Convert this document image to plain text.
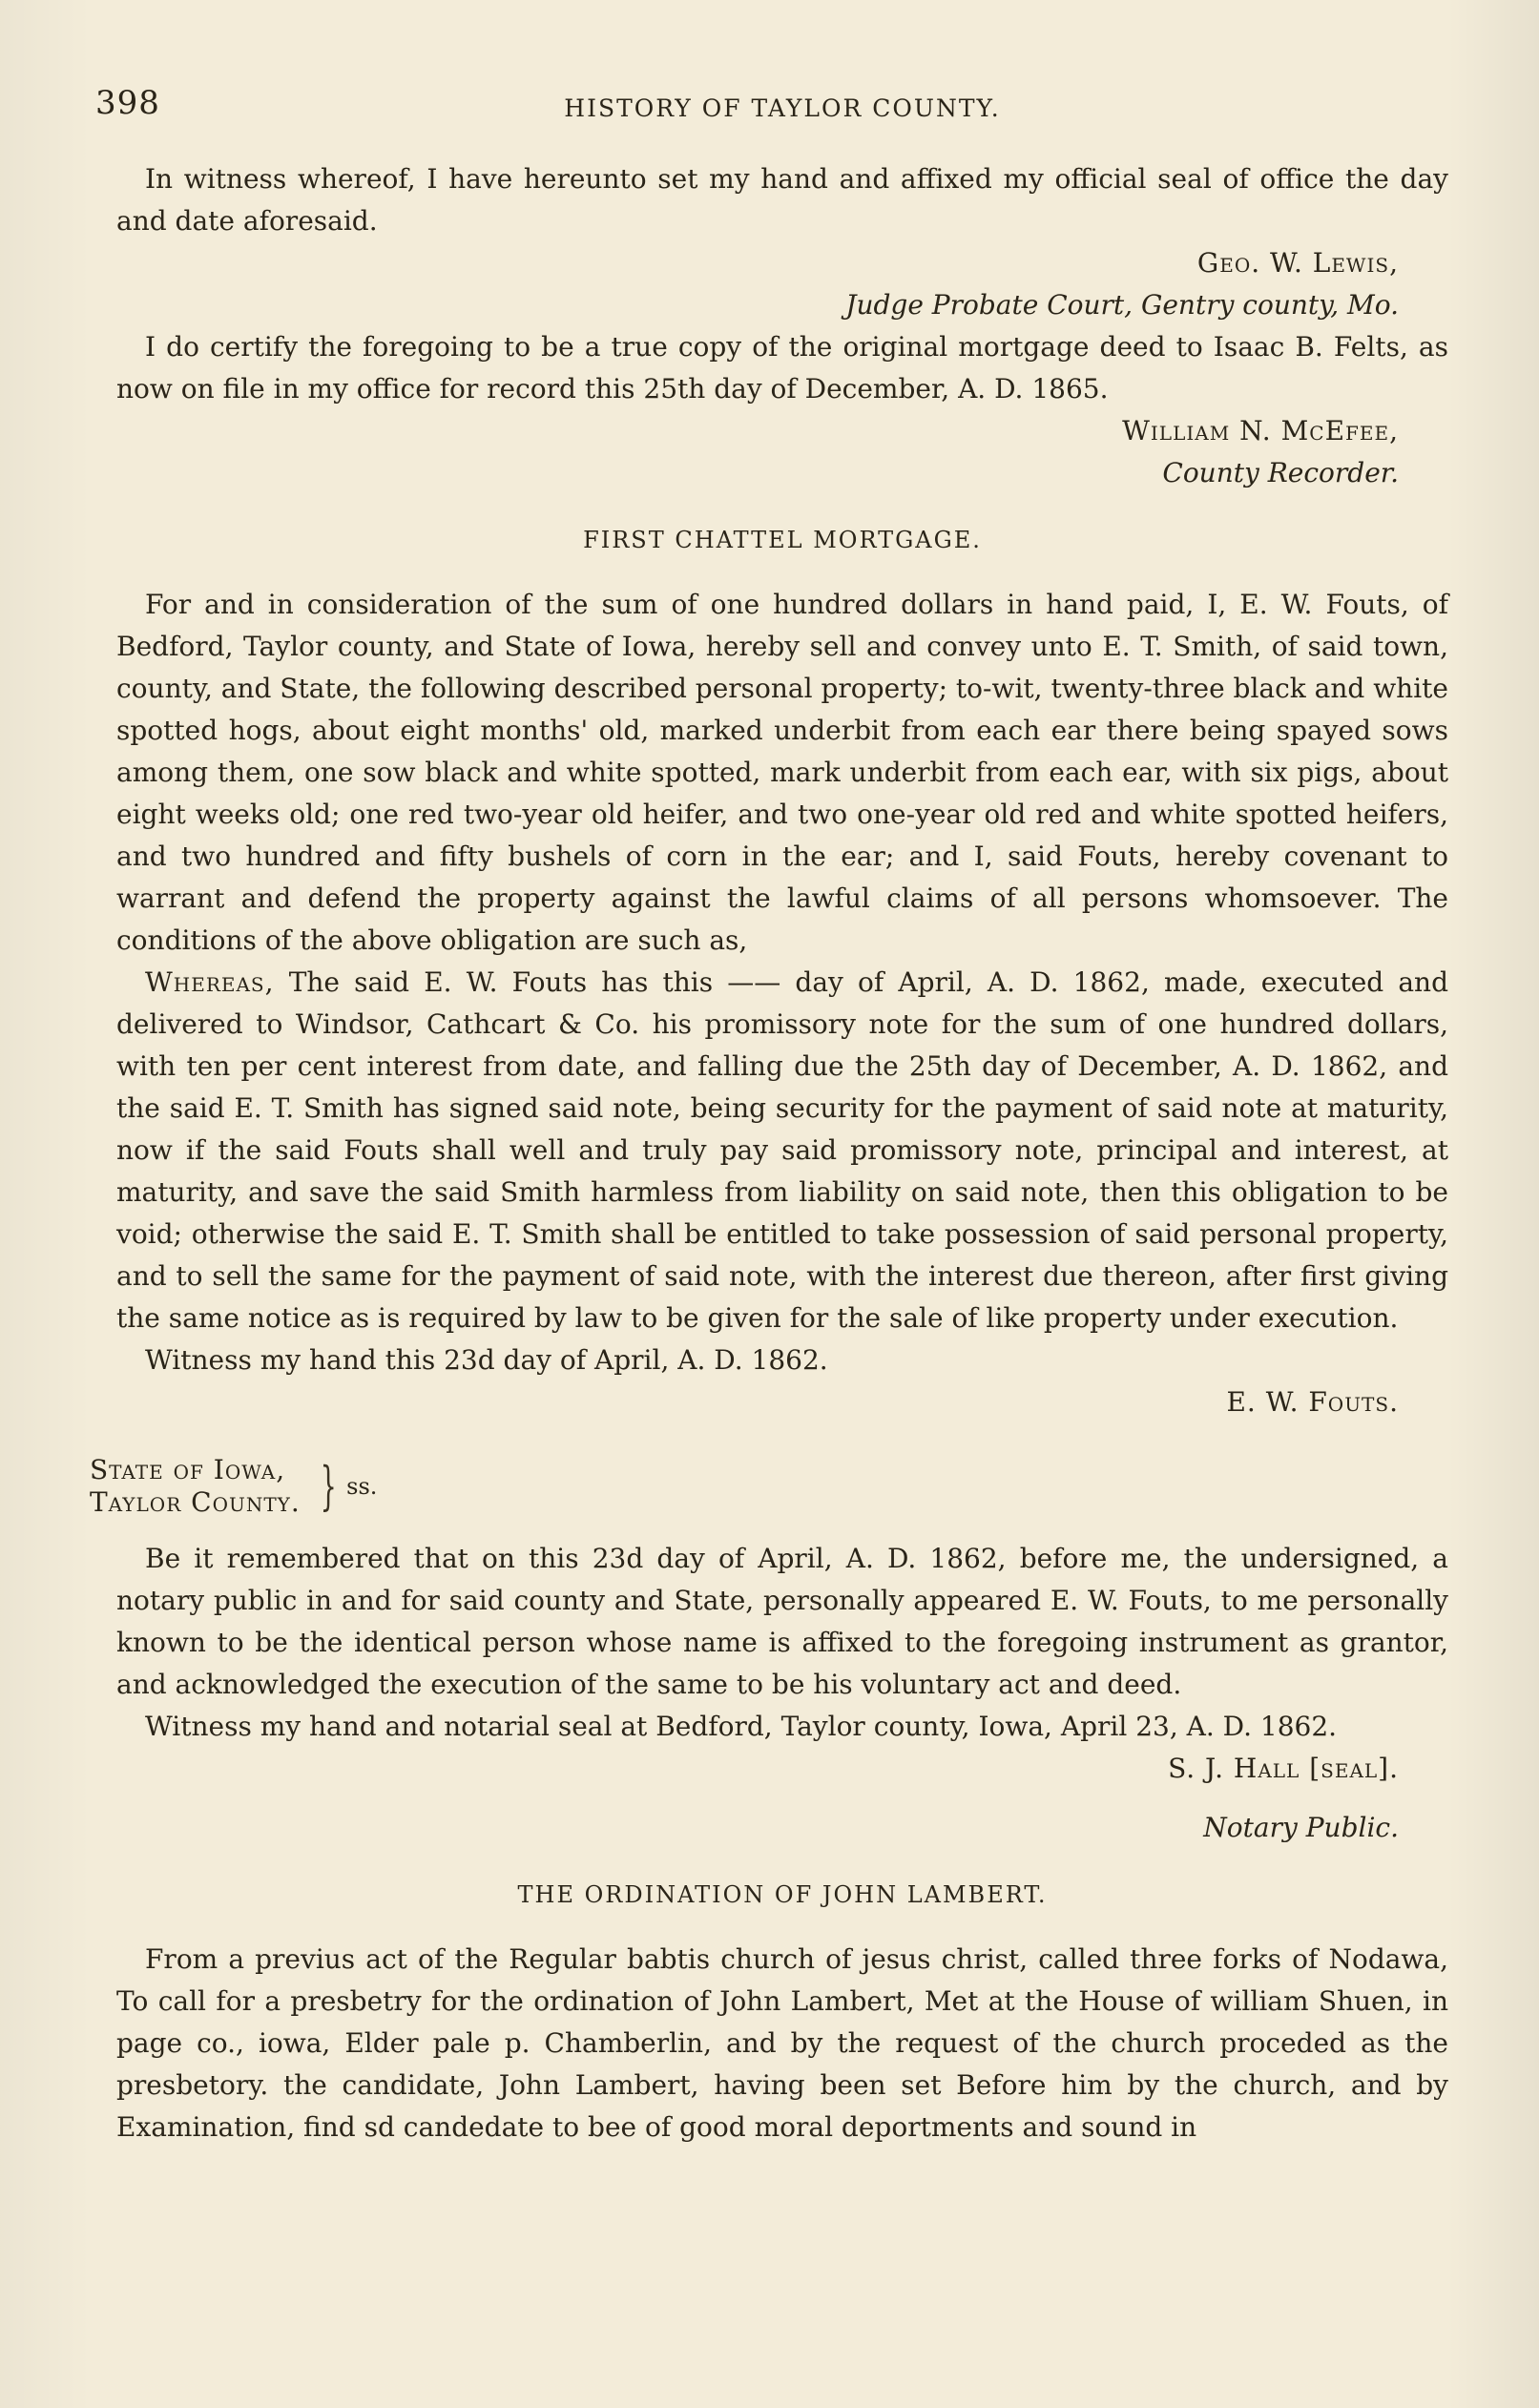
398	HISTORY OF TAYLOR COUNTY.

In witness whereof, I have hereunto set my hand and affixed my official seal of office the day and date aforesaid.

Geo. W. Lewis,

Judge Probate Court, Gentry county, Mo.

I do certify the foregoing to be a true copy of the original mortgage deed to Isaac B. Felts, as now on file in my office for record this 25th day of December, A. D. 1865.

William N. McEfee,

County Recorder.

FIRST CHATTEL MORTGAGE.

For and in consideration of the sum of one hundred dollars in hand paid, I, E. W. Fouts, of Bedford, Taylor county, and State of Iowa, hereby sell and convey unto E. T. Smith, of said town, county, and State, the following described personal property; to-wit, twenty-three black and white spotted hogs, about eight months' old, marked underbit from each ear there being spayed sows among them, one sow black and white spotted, mark underbit from each ear, with six pigs, about eight weeks old; one red two-year old heifer, and two one-year old red and white spotted heifers, and two hundred and fifty bushels of corn in the ear; and I, said Fouts, hereby covenant to warrant and defend the property against the lawful claims of all persons whomsoever. The conditions of the above obligation are such as,

Whereas, The said E. W. Fouts has this —— day of April, A. D. 1862, made, executed and delivered to Windsor, Cathcart & Co. his promissory note for the sum of one hundred dollars, with ten per cent interest from date, and falling due the 25th day of December, A. D. 1862, and the said E. T. Smith has signed said note, being security for the payment of said note at maturity, now if the said Fouts shall well and truly pay said promissory note, principal and interest, at maturity, and save the said Smith harmless from liability on said note, then this obligation to be void; otherwise the said E. T. Smith shall be entitled to take possession of said personal property, and to sell the same for the payment of said note, with the interest due thereon, after first giving the same notice as is required by law to be given for the sale of like property under execution.

Witness my hand this 23d day of April, A. D. 1862.

E. W. Fouts.

State of Iowa,
Taylor County. } ss.

Be it remembered that on this 23d day of April, A. D. 1862, before me, the undersigned, a notary public in and for said county and State, personally appeared E. W. Fouts, to me personally known to be the identical person whose name is affixed to the foregoing instrument as grantor, and acknowledged the execution of the same to be his voluntary act and deed.

Witness my hand and notarial seal at Bedford, Taylor county, Iowa, April 23, A. D. 1862.

S. J. Hall [seal].

Notary Public.

THE ORDINATION OF JOHN LAMBERT.

From a previus act of the Regular babtis church of jesus christ, called three forks of Nodawa, To call for a presbetry for the ordination of John Lambert, Met at the House of william Shuen, in page co., iowa, Elder pale p. Chamberlin, and by the request of the church proceded as the presbetory. the candidate, John Lambert, having been set Before him by the church, and by Examination, find sd candedate to bee of good moral deportments and sound in
